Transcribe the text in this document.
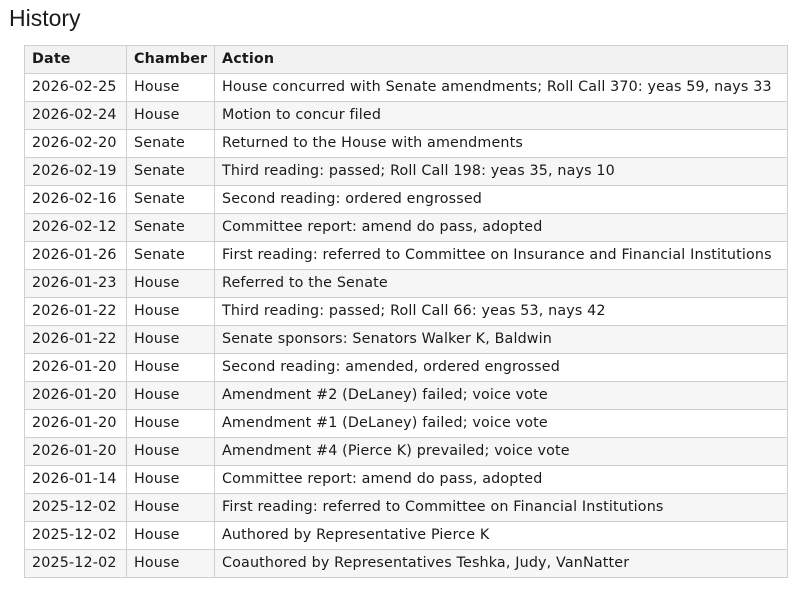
History
Date	Chamber	Action
2026-02-25	House	House concurred with Senate amendments; Roll Call 370: yeas 59, nays 33
2026-02-24	House	Motion to concur filed
2026-02-20	Senate	Returned to the House with amendments
2026-02-19	Senate	Third reading: passed; Roll Call 198: yeas 35, nays 10
2026-02-16	Senate	Second reading: ordered engrossed
2026-02-12	Senate	Committee report: amend do pass, adopted
2026-01-26	Senate	First reading: referred to Committee on Insurance and Financial Institutions
2026-01-23	House	Referred to the Senate
2026-01-22	House	Third reading: passed; Roll Call 66: yeas 53, nays 42
2026-01-22	House	Senate sponsors: Senators Walker K, Baldwin
2026-01-20	House	Second reading: amended, ordered engrossed
2026-01-20	House	Amendment #2 (DeLaney) failed; voice vote
2026-01-20	House	Amendment #1 (DeLaney) failed; voice vote
2026-01-20	House	Amendment #4 (Pierce K) prevailed; voice vote
2026-01-14	House	Committee report: amend do pass, adopted
2025-12-02	House	First reading: referred to Committee on Financial Institutions
2025-12-02	House	Authored by Representative Pierce K
2025-12-02	House	Coauthored by Representatives Teshka, Judy, VanNatter
